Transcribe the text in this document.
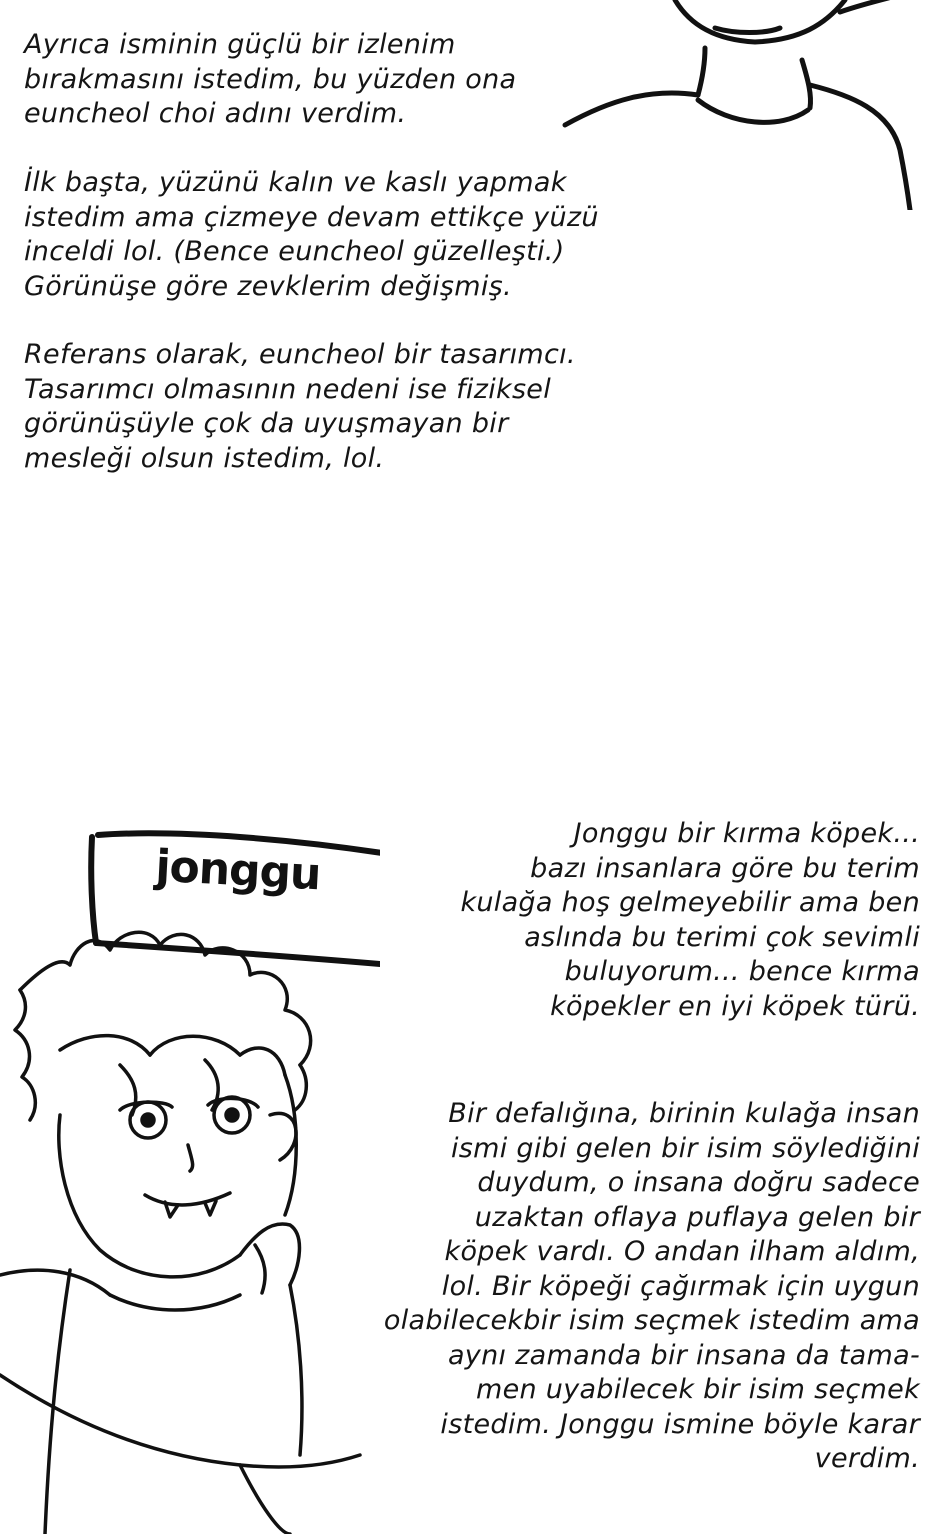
Ayrıca isminin güçlü bir izlenim
bırakmasını istedim, bu yüzden ona
euncheol choi adını verdim.

İlk başta, yüzünü kalın ve kaslı yapmak
istedim ama çizmeye devam ettikçe yüzü
inceldi lol. (Bence euncheol güzelleşti.)
Görünüşe göre zevklerim değişmiş.

Referans olarak, euncheol bir tasarımcı.
Tasarımcı olmasının nedeni ise fiziksel
görünüşüyle çok da uyuşmayan bir
mesleği olsun istedim, lol.

jonggu

Jonggu bir kırma köpek...
bazı insanlara göre bu terim
kulağa hoş gelmeyebilir ama ben
aslında bu terimi çok sevimli
buluyorum... bence kırma
köpekler en iyi köpek türü.

Bir defalığına, birinin kulağa insan
ismi gibi gelen bir isim söylediğini
duydum, o insana doğru sadece
uzaktan oflaya puflaya gelen bir
köpek vardı. O andan ilham aldım,
lol. Bir köpeği çağırmak için uygun
olabilecekbir isim seçmek istedim ama
aynı zamanda bir insana da tama-
men uyabilecek bir isim seçmek
istedim. Jonggu ismine böyle karar
verdim.
